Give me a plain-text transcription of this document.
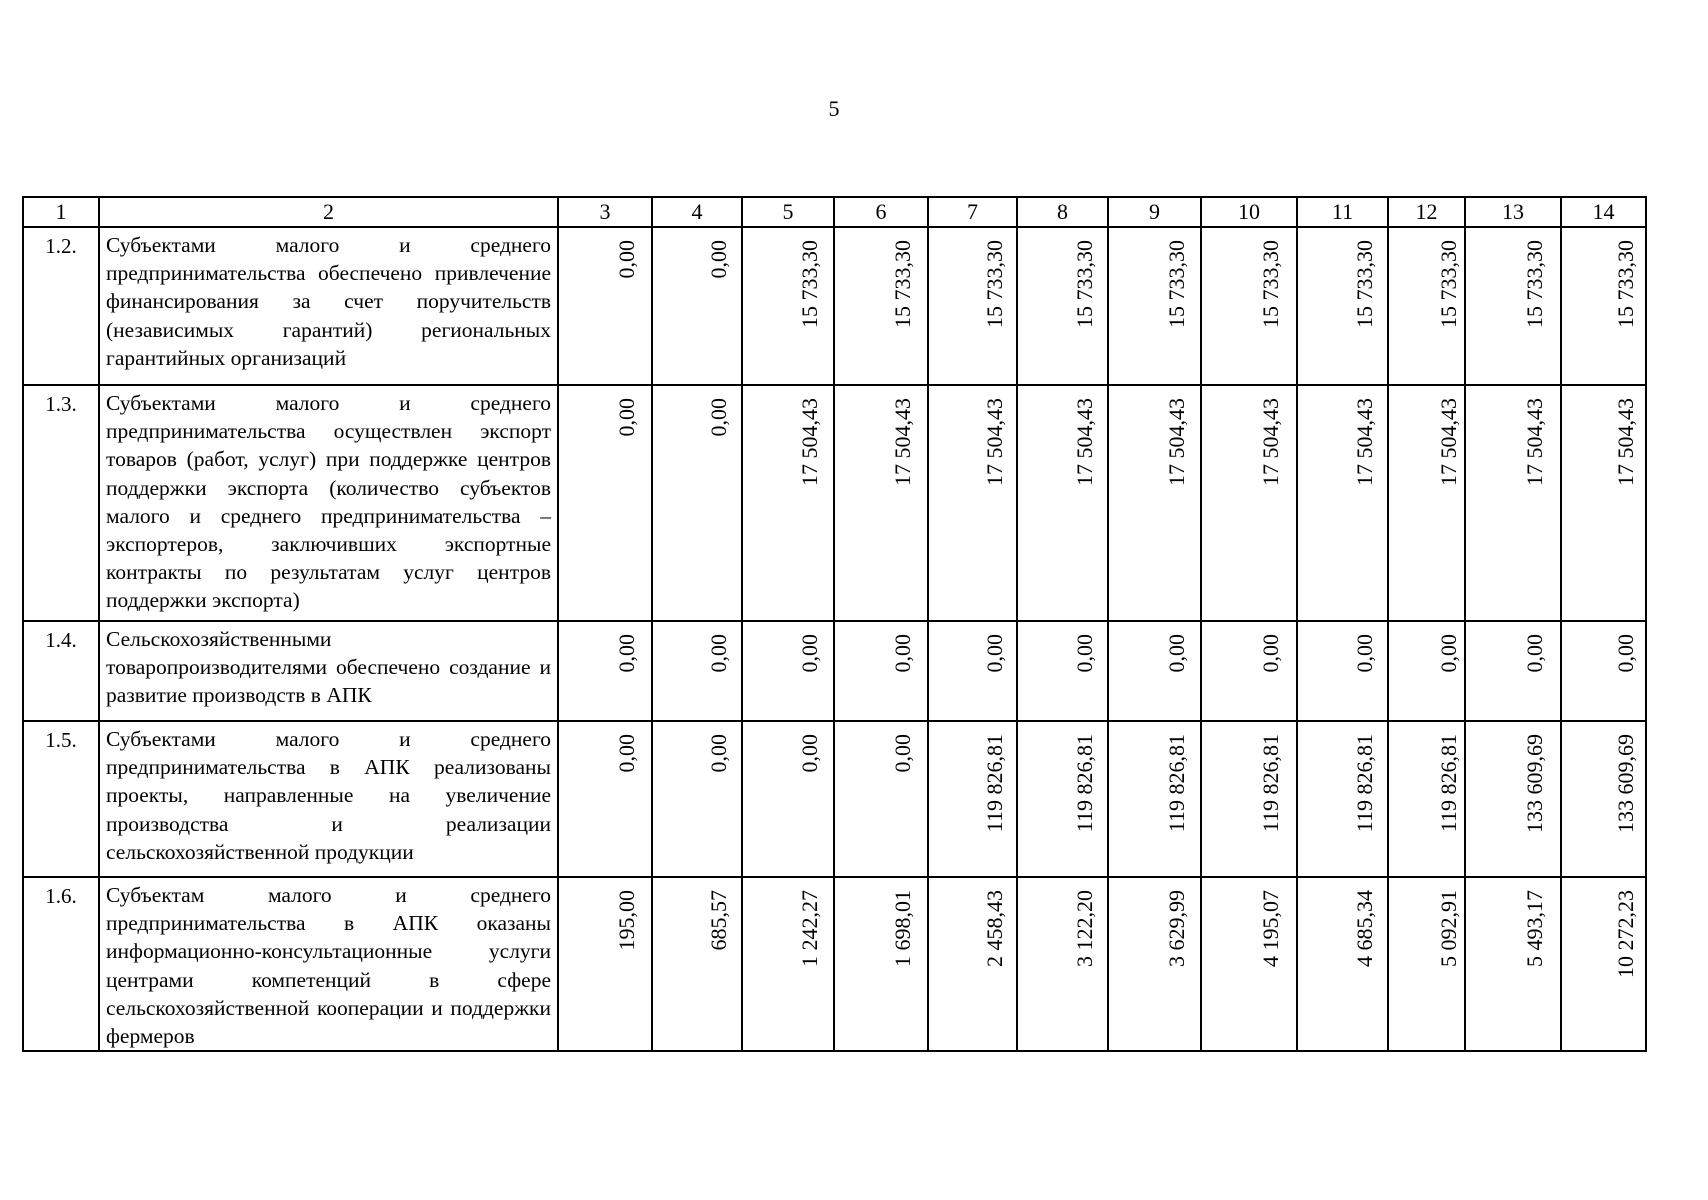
5
1	2	3	4	5	6	7	8	9	10	11	12	13	14
1.2.	Субъектами малого и среднего предпринимательства обеспечено привлечение финансирования за счет поручительств (независимых гарантий) региональных гарантийных организаций	0,00	0,00	15 733,30	15 733,30	15 733,30	15 733,30	15 733,30	15 733,30	15 733,30	15 733,30	15 733,30	15 733,30

1.3.	Субъектами малого и среднего предпринимательства осуществлен экспорт товаров (работ, услуг) при поддержке центров поддержки экспорта (количество субъектов малого и среднего предпринимательства – экспортеров, заключивших экспортные контракты по результатам услуг центров поддержки экспорта)	0,00	0,00	17 504,43	17 504,43	17 504,43	17 504,43	17 504,43	17 504,43	17 504,43	17 504,43	17 504,43	17 504,43

1.4.	Сельскохозяйственными товаропроизводителями обеспечено создание и развитие производств в АПК	0,00	0,00	0,00	0,00	0,00	0,00	0,00	0,00	0,00	0,00	0,00	0,00

1.5.	Субъектами малого и среднего предпринимательства в АПК реализованы проекты, направленные на увеличение производства и реализации сельскохозяйственной продукции	0,00	0,00	0,00	0,00	119 826,81	119 826,81	119 826,81	119 826,81	119 826,81	119 826,81	133 609,69	133 609,69

1.6.	Субъектам малого и среднего предпринимательства в АПК оказаны информационно-консультационные услуги центрами компетенций в сфере сельскохозяйственной кооперации и поддержки фермеров	195,00	685,57	1 242,27	1 698,01	2 458,43	3 122,20	3 629,99	4 195,07	4 685,34	5 092,91	5 493,17	10 272,23
